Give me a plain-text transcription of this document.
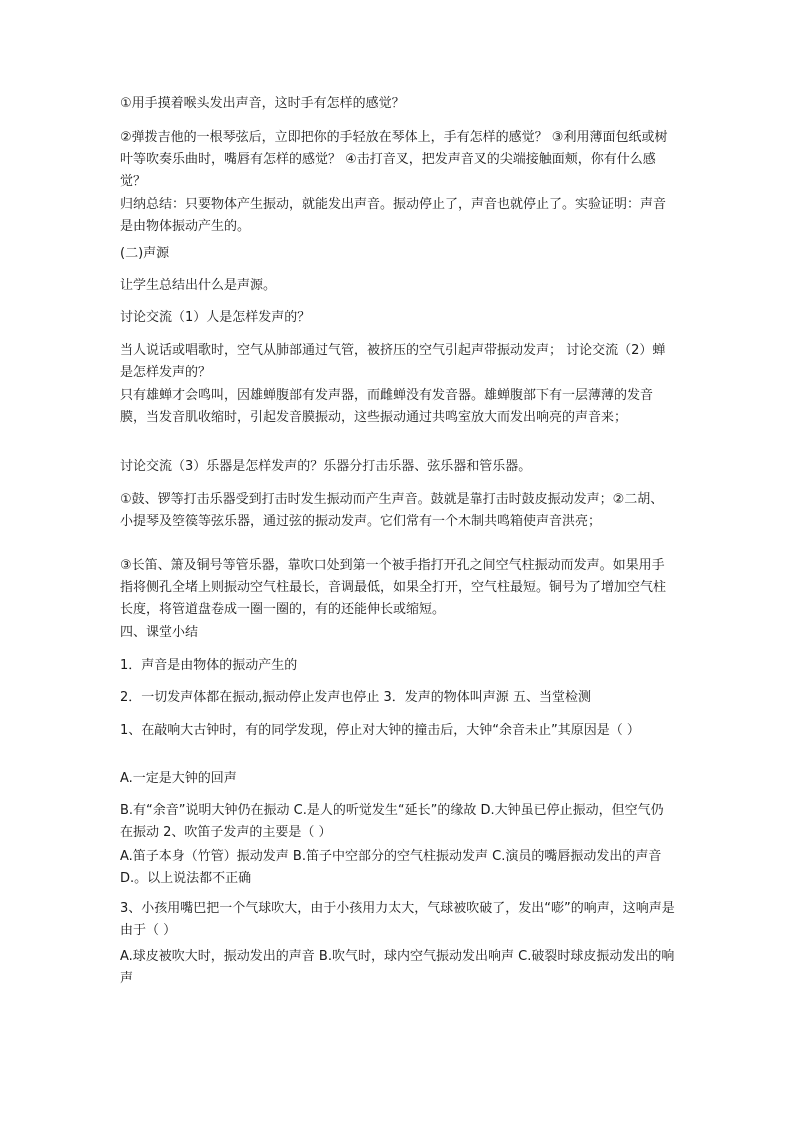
①用手摸着喉头发出声音，这时手有怎样的感觉？

②弹拨吉他的一根琴弦后，立即把你的手轻放在琴体上，手有怎样的感觉？ ③利用薄面包纸或树叶等吹奏乐曲时，嘴唇有怎样的感觉？ ④击打音叉，把发声音叉的尖端接触面颊，你有什么感觉？

归纳总结：只要物体产生振动，就能发出声音。振动停止了，声音也就停止了。实验证明：声音是由物体振动产生的。

(二)声源

让学生总结出什么是声源。

讨论交流（1）人是怎样发声的？

当人说话或唱歌时，空气从肺部通过气管，被挤压的空气引起声带振动发声； 讨论交流（2）蝉是怎样发声的？

只有雄蝉才会鸣叫，因雄蝉腹部有发声器，而雌蝉没有发音器。雄蝉腹部下有一层薄薄的发音膜，当发音肌收缩时，引起发音膜振动，这些振动通过共鸣室放大而发出响亮的声音来；

讨论交流（3）乐器是怎样发声的？乐器分打击乐器、弦乐器和管乐器。

①鼓、锣等打击乐器受到打击时发生振动而产生声音。鼓就是靠打击时鼓皮振动发声；②二胡、小提琴及箜篌等弦乐器，通过弦的振动发声。它们常有一个木制共鸣箱使声音洪亮；

③长笛、箫及铜号等管乐器，靠吹口处到第一个被手指打开孔之间空气柱振动而发声。如果用手指将侧孔全堵上则振动空气柱最长，音调最低，如果全打开，空气柱最短。铜号为了增加空气柱长度，将管道盘卷成一圈一圈的，有的还能伸长或缩短。

四、课堂小结

1．声音是由物体的振动产生的

2．一切发声体都在振动,振动停止发声也停止 3．发声的物体叫声源 五、当堂检测

1、在敲响大古钟时，有的同学发现，停止对大钟的撞击后，大钟“余音未止”其原因是（ ）

A.一定是大钟的回声

B.有“余音”说明大钟仍在振动 C.是人的听觉发生“延长”的缘故 D.大钟虽已停止振动，但空气仍在振动 2、吹笛子发声的主要是（ ）

A.笛子本身（竹管）振动发声 B.笛子中空部分的空气柱振动发声 C.演员的嘴唇振动发出的声音 D.。以上说法都不正确

3、小孩用嘴巴把一个气球吹大，由于小孩用力太大，气球被吹破了，发出“嘭”的响声，这响声是由于（ ）

A.球皮被吹大时，振动发出的声音 B.吹气时，球内空气振动发出响声 C.破裂时球皮振动发出的响声
